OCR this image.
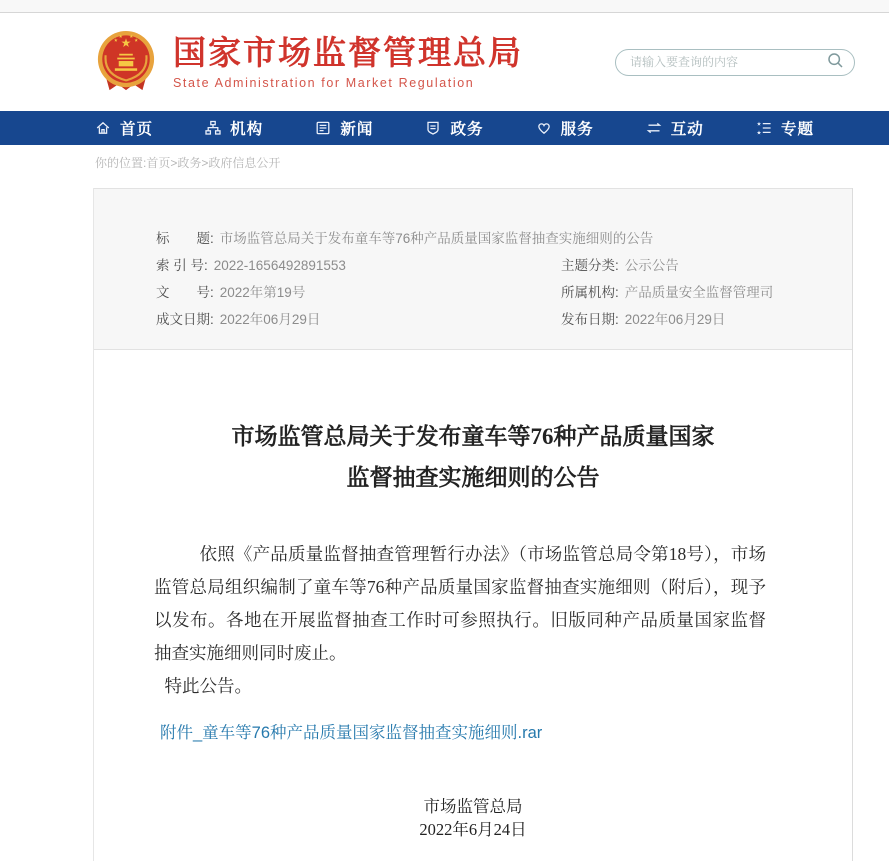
国家市场监督管理总局
State Administration for Market Regulation
请输入要查询的内容
首页	机构	新闻	政务	服务	互动	专题
你的位置:首页>政务>政府信息公开
标　　题: 市场监管总局关于发布童车等76种产品质量国家监督抽查实施细则的公告
索 引 号: 2022-1656492891553	主题分类: 公示公告
文　　号: 2022年第19号	所属机构: 产品质量安全监督管理司
成文日期: 2022年06月29日	发布日期: 2022年06月29日
市场监管总局关于发布童车等76种产品质量国家
监督抽查实施细则的公告

依照《产品质量监督抽查管理暂行办法》（市场监管总局令第18号），市场监管总局组织编制了童车等76种产品质量国家监督抽查实施细则（附后），现予以发布。各地在开展监督抽查工作时可参照执行。旧版同种产品质量国家监督抽查实施细则同时废止。

特此公告。

附件_童车等76种产品质量国家监督抽查实施细则.rar
市场监管总局
2022年6月24日
